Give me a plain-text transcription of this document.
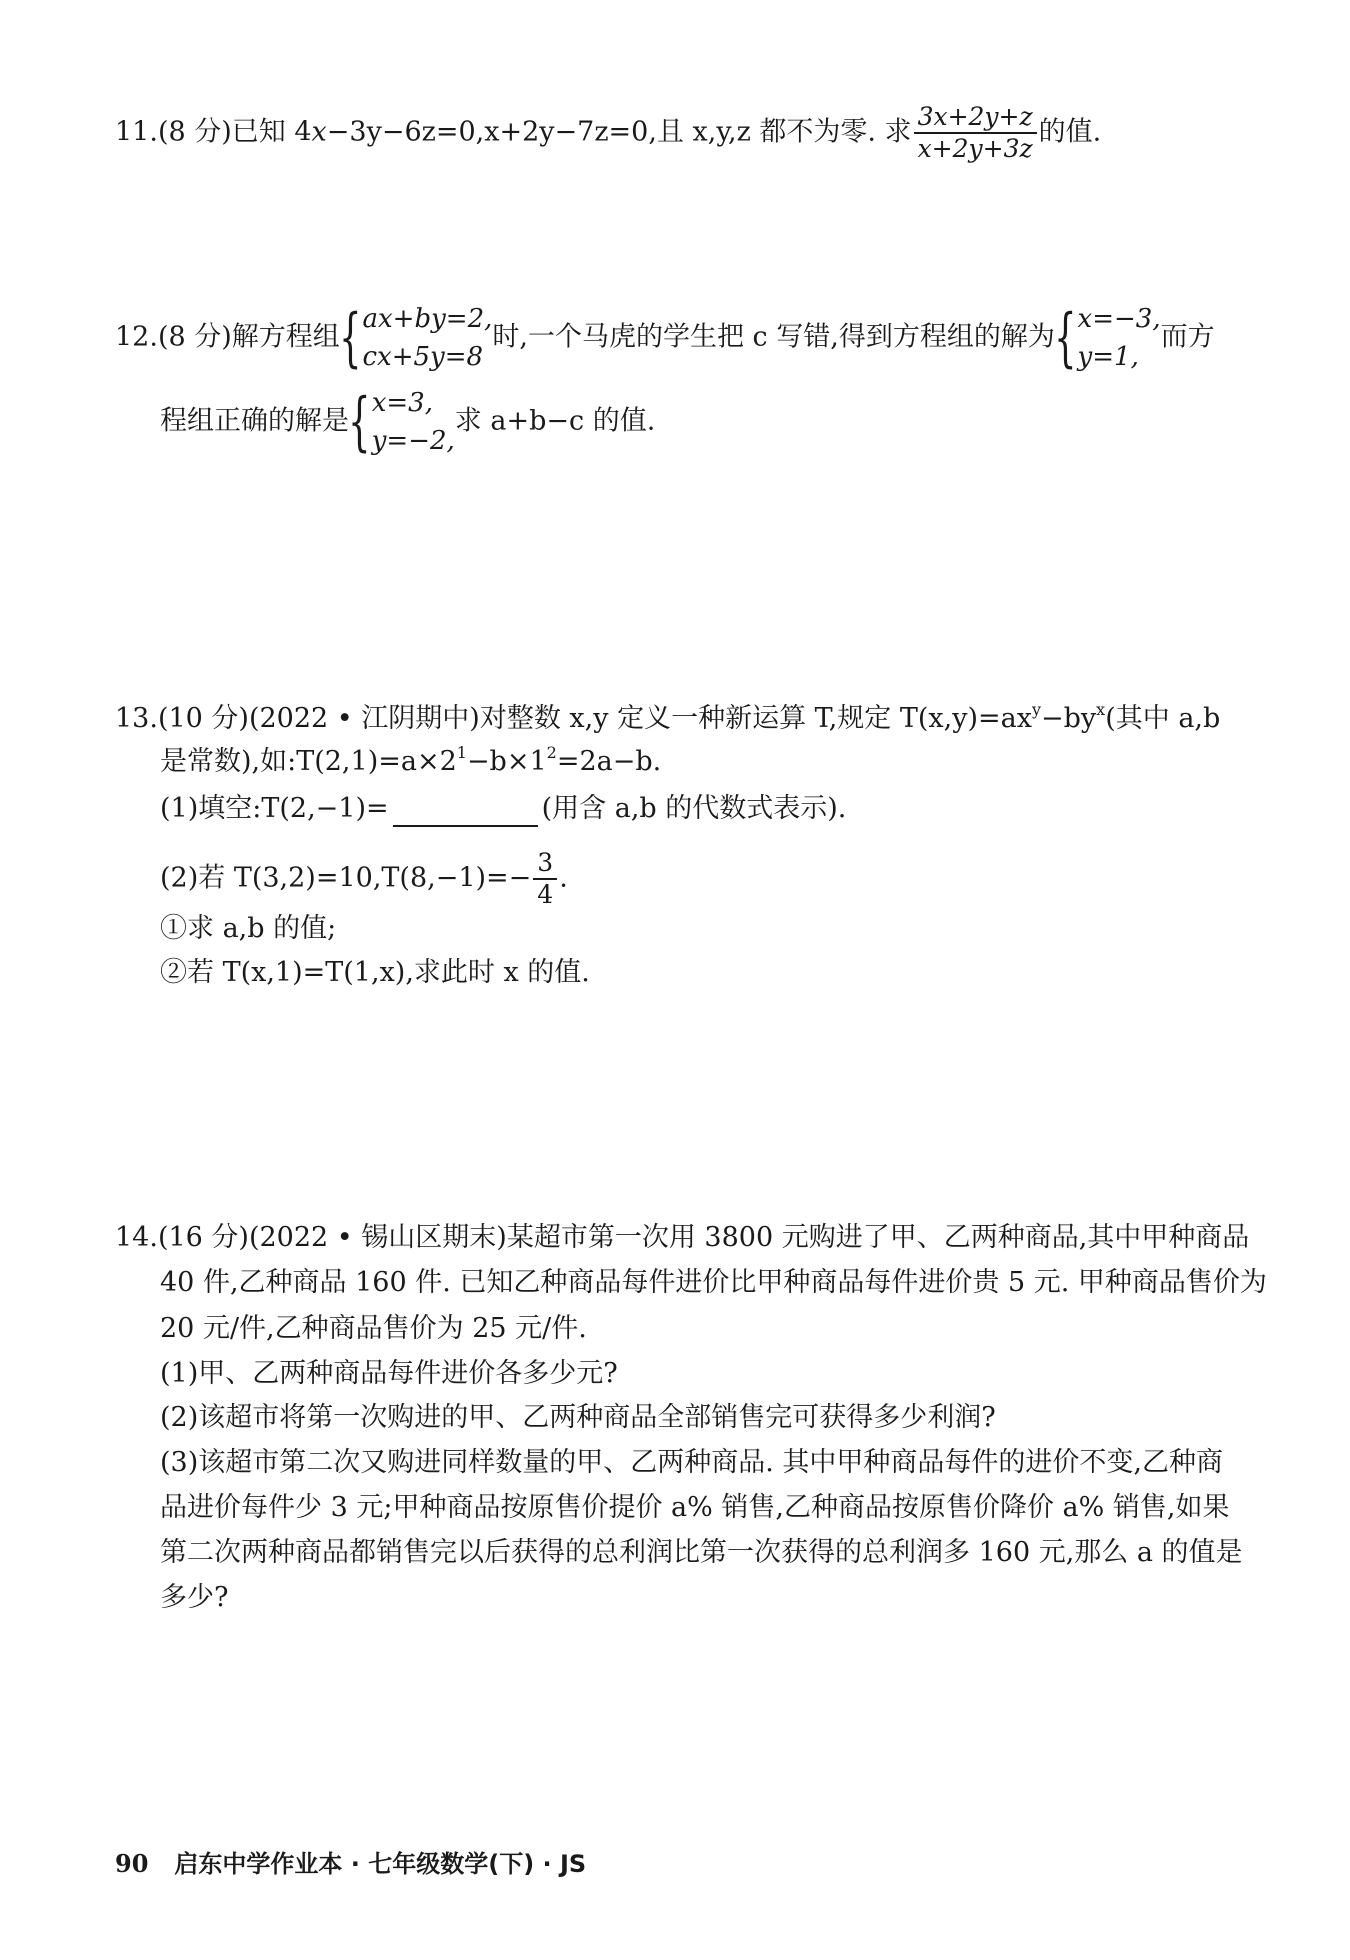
11.(8 分)已知 4x−3y−6z=0,x+2y−7z=0,且 x,y,z 都不为零. 求 $\frac{3x+2y+z}{x+2y+3z}$ 的值.
12.(8 分)解方程组 { ax+by=2,
cx+5y=8
时,一个马虎的学生把 c 写错,得到方程组的解为 { x=−3,
y=1,
而方
程组正确的解是 { x=3,
y=−2,
求 a+b−c 的值.
13.(10 分)(2022 • 江阴期中)对整数 x,y 定义一种新运算 T,规定 $T(x,y)=ax^y-by^x$(其中 a,b
是常数),如$:T(2,1)=a\times 2^1-b\times 1^2=2a-b$.
(1)填空:T(2,−1)=	(用含 a,b 的代数式表示).
(2)若 $T(3,2)=10,T(8,-1)=- \frac{3}{4}$ .
①求 a,b 的值;
②若 T(x,1)=T(1,x),求此时 x 的值.
14.(16 分)(2022 • 锡山区期末)某超市第一次用 3800 元购进了甲、乙两种商品,其中甲种商品
40 件,乙种商品 160 件. 已知乙种商品每件进价比甲种商品每件进价贵 5 元. 甲种商品售价为
20 元/件,乙种商品售价为 25 元/件.
(1)甲、乙两种商品每件进价各多少元?
(2)该超市将第一次购进的甲、乙两种商品全部销售完可获得多少利润?
(3)该超市第二次又购进同样数量的甲、乙两种商品. 其中甲种商品每件的进价不变,乙种商
品进价每件少 3 元;甲种商品按原售价提价 a% 销售,乙种商品按原售价降价 a% 销售,如果
第二次两种商品都销售完以后获得的总利润比第一次获得的总利润多 160 元,那么 a 的值是
多少?
90 启东中学作业本 · 七年级数学(下) · JS
